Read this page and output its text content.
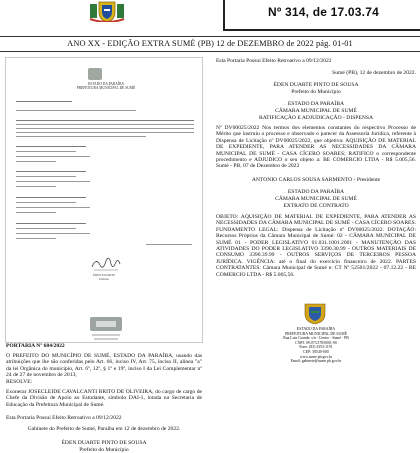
Nº 314, de 17.03.74
ANO XX - EDIÇÃO EXTRA SUMÉ (PB) 12 de DEZEMBRO de 2022 pág. 01-01
ESTADO DA PARAÍBA
PREFEITURA MUNICIPAL DE SUMÉ
ÉDEN DUARTE
Prefeito
PORTARIA Nº 684/2022
O PREFEITO DO MUNICÍPIO DE SUMÉ, ESTADO DA PARAÍBA, usando das atribuições que lhe são conferidas pelo Art. 66, inciso IV, Art. 75, inciso II, alínea "a" da lei Orgânica do município, Art. 6º, 12º, § 1º e 19º, inciso I da Lei Complementar nº 24 de 27 de novembro de 2013,
RESOLVE:
Exonerar JOSECLEIDE CAVALCANTI BRITO DE OLIVEIRA, do cargo de cargo de Chefe da Divisão de Apoio ao Estudante, símbolo DAI-1, lotada na Secretaria de Educação da Prefeitura Municipal de Sumé.
Esta Portaria Possui Efeito Retroativo a 09/12/2022
Gabinete do Prefeito de Sumé, Paraíba em 12 de dezembro de 2022.
ÉDEN DUARTE PINTO DE SOUSA
Prefeito do Município
Esta Portaria Possui Efeito Retroativo a 09/12/2022
Sumé (PB), 12 de dezembro de 2022.
ÉDEN DUARTE PINTO DE SOUSA
Prefeito do Município
ESTADO DA PARAÍBA
CÂMARA MUNICIPAL DE SUMÉ
RATIFICAÇÃO E ADJUDICAÇÃO - DISPENSA
Nº DV00025/2022 Nos termos dos elementos constantes do respectivo Processo de Mérito que instruiu o processo e observado o parecer da Assessoria Jurídica, referente à Dispensa de Licitação nº DV00025/2022, que objetiva: AQUISIÇÃO DE MATERIAL DE EXPEDIENTE, PARA ATENDER AS NECESSIDADES DA CÂMARA MUNICIPAL DE SUMÉ - CASA CÍCERO SOARES; RATIFICO o correspondente procedimento e ADJUDICO o seu objeto a: BE COMERCIO LTDA - R$ 5.005,56. Sumé - PB, 07 de Dezembro de 2022
ANTONIO CARLOS SOUSA SARMENTO - Presidente
ESTADO DA PARAÍBA
CÂMARA MUNICIPAL DE SUMÉ
EXTRATO DE CONTRATO
OBJETO: AQUISIÇÃO DE MATERIAL DE EXPEDIENTE, PARA ATENDER AS NECESSIDADES DA CÂMARA MUNICIPAL DE SUMÉ - CASA CÍCERO SOARES. FUNDAMENTO LEGAL: Dispensa de Licitação nº DV00025/2022. DOTAÇÃO: Recursos Próprios da Câmara Municipal de Sumé: 02 - CÂMARA MUNICIPAL DE SUMÉ 01 - PODER LEGISLATIVO 01.031.1001.2001 - MANUTENÇÃO DAS ATIVIDADES DO PODER LEGISLATIVO 3390.30.99 - OUTROS MATERIAIS DE CONSUMO 3390.39.99 - OUTROS SERVIÇOS DE TERCEIROS PESSOA JURÍDICA. VIGÊNCIA: até o final do exercício financeiro de 2022. PARTES CONTRATANTES: Câmara Municipal de Sumé e: CT Nº 52501/2022 - 07.12.22 - BE COMERCIO LTDA - R$ 5.005,56.
ESTADO DA PARAÍBA
PREFEITURA MUNICIPAL DE SUMÉ
Rua Luiz Grande, s/n - Centro - Sumé - PB
CNPJ: 09.073.578/0001-90
Fone: (83) 3353-1191
CEP: 58540-000
www.sume.pb.gov.br
Email: gabinete@sume.pb.gov.br
